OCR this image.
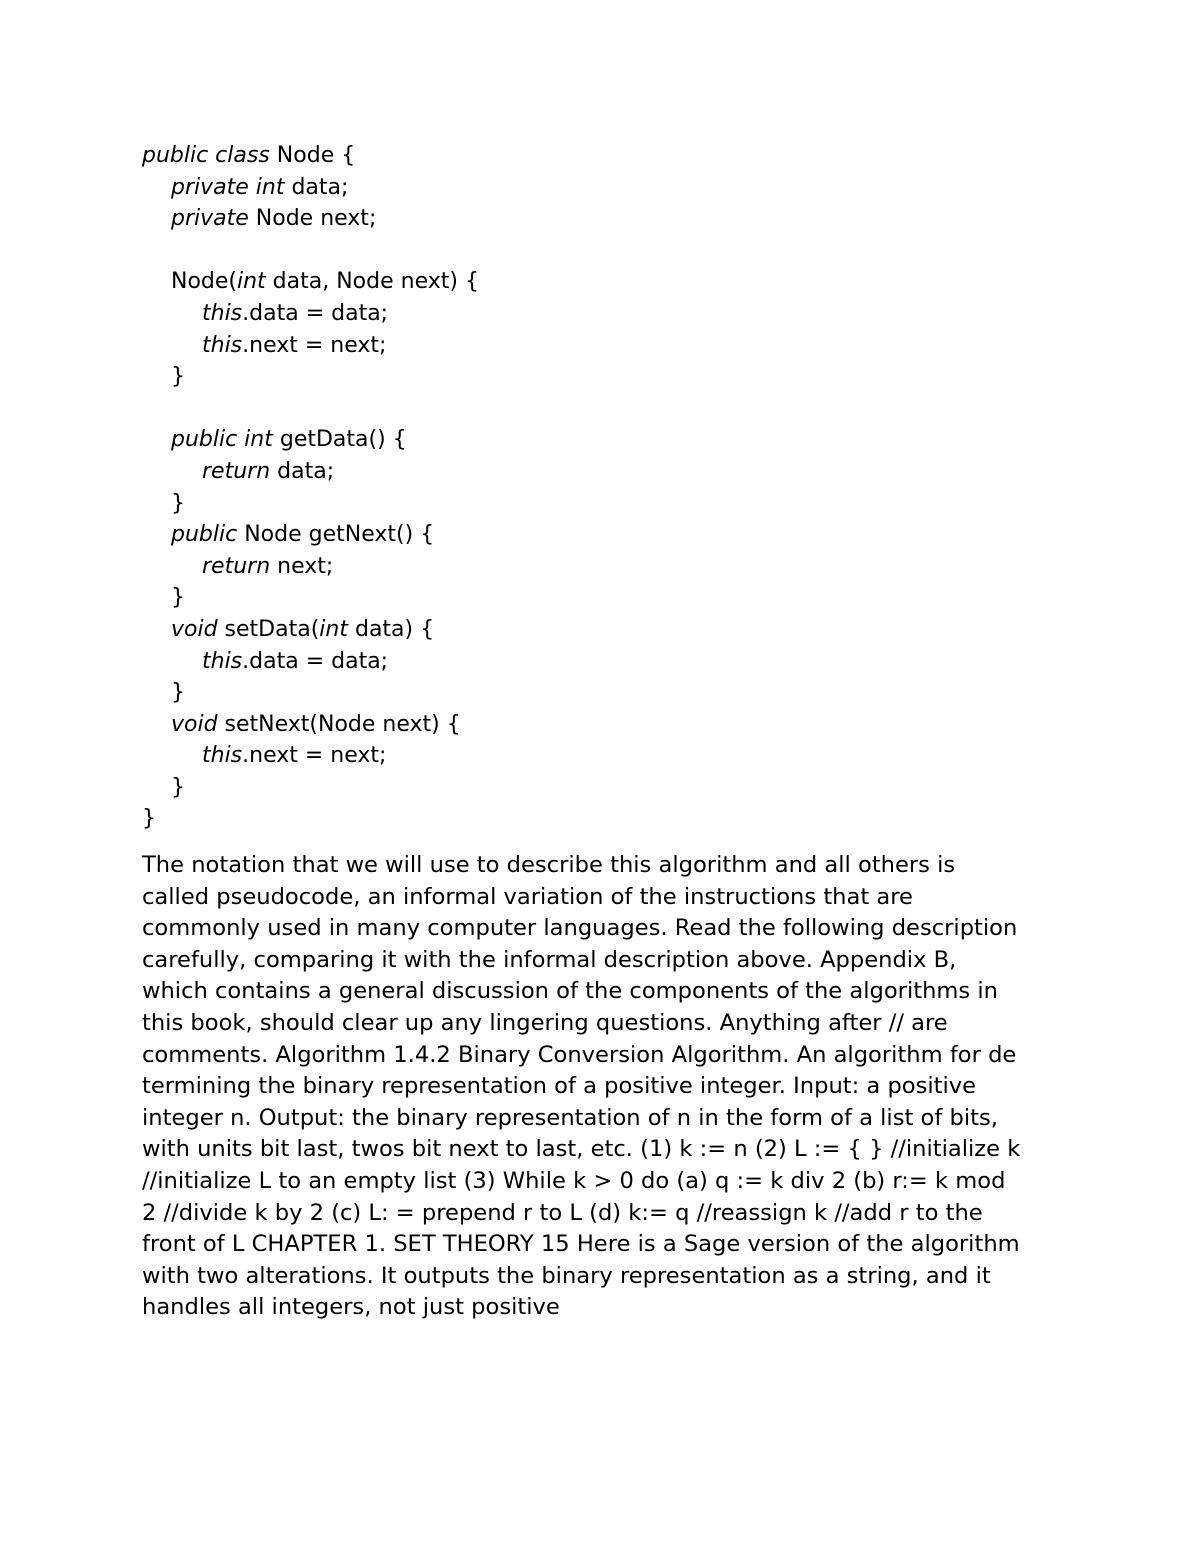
public class Node {
private int data;
private Node next;
Node(int data, Node next) {
this.data = data;
this.next = next;
}
public int getData() {
return data;
}
public Node getNext() {
return next;
}
void setData(int data) {
this.data = data;
}
void setNext(Node next) {
this.next = next;
}
}
The notation that we will use to describe this algorithm and all others is
called pseudocode, an informal variation of the instructions that are
commonly used in many computer languages. Read the following description
carefully, comparing it with the informal description above. Appendix B,
which contains a general discussion of the components of the algorithms in
this book, should clear up any lingering questions. Anything after // are
comments. Algorithm 1.4.2 Binary Conversion Algorithm. An algorithm for de
termining the binary representation of a positive integer. Input: a positive
integer n. Output: the binary representation of n in the form of a list of bits,
with units bit last, twos bit next to last, etc. (1) k := n (2) L := { } //initialize k
//initialize L to an empty list (3) While k > 0 do (a) q := k div 2 (b) r:= k mod
2 //divide k by 2 (c) L: = prepend r to L (d) k:= q //reassign k //add r to the
front of L CHAPTER 1. SET THEORY 15 Here is a Sage version of the algorithm
with two alterations. It outputs the binary representation as a string, and it
handles all integers, not just positive
